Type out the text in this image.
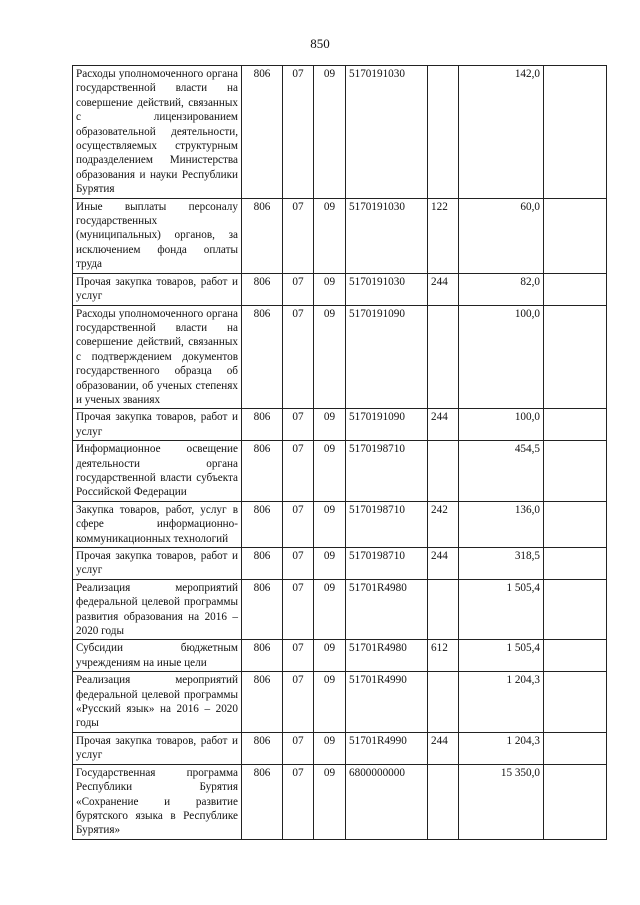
850
Расходы уполномоченного органа государственной власти на совершение действий, связанных с лицензированием образовательной деятельности, осуществляемых структурным подразделением Министерства образования и науки Республики Бурятия	806	07	09	5170191030		142,0	
Иные выплаты персоналу государственных (муниципальных) органов, за исключением фонда оплаты труда	806	07	09	5170191030	122	60,0	
Прочая закупка товаров, работ и услуг	806	07	09	5170191030	244	82,0	
Расходы уполномоченного органа государственной власти на совершение действий, связанных с подтверждением документов государственного образца об образовании, об ученых степенях и ученых званиях	806	07	09	5170191090		100,0	
Прочая закупка товаров, работ и услуг	806	07	09	5170191090	244	100,0	
Информационное освещение деятельности органа государственной власти субъекта Российской Федерации	806	07	09	5170198710		454,5	
Закупка товаров, работ, услуг в сфере информационно-коммуникационных технологий	806	07	09	5170198710	242	136,0	
Прочая закупка товаров, работ и услуг	806	07	09	5170198710	244	318,5	
Реализация мероприятий федеральной целевой программы развития образования на 2016 – 2020 годы	806	07	09	51701R4980		1 505,4	
Субсидии бюджетным учреждениям на иные цели	806	07	09	51701R4980	612	1 505,4	
Реализация мероприятий федеральной целевой программы «Русский язык» на 2016 – 2020 годы	806	07	09	51701R4990		1 204,3	
Прочая закупка товаров, работ и услуг	806	07	09	51701R4990	244	1 204,3	
Государственная программа Республики Бурятия «Сохранение и развитие бурятского языка в Республике Бурятия»	806	07	09	6800000000		15 350,0	
